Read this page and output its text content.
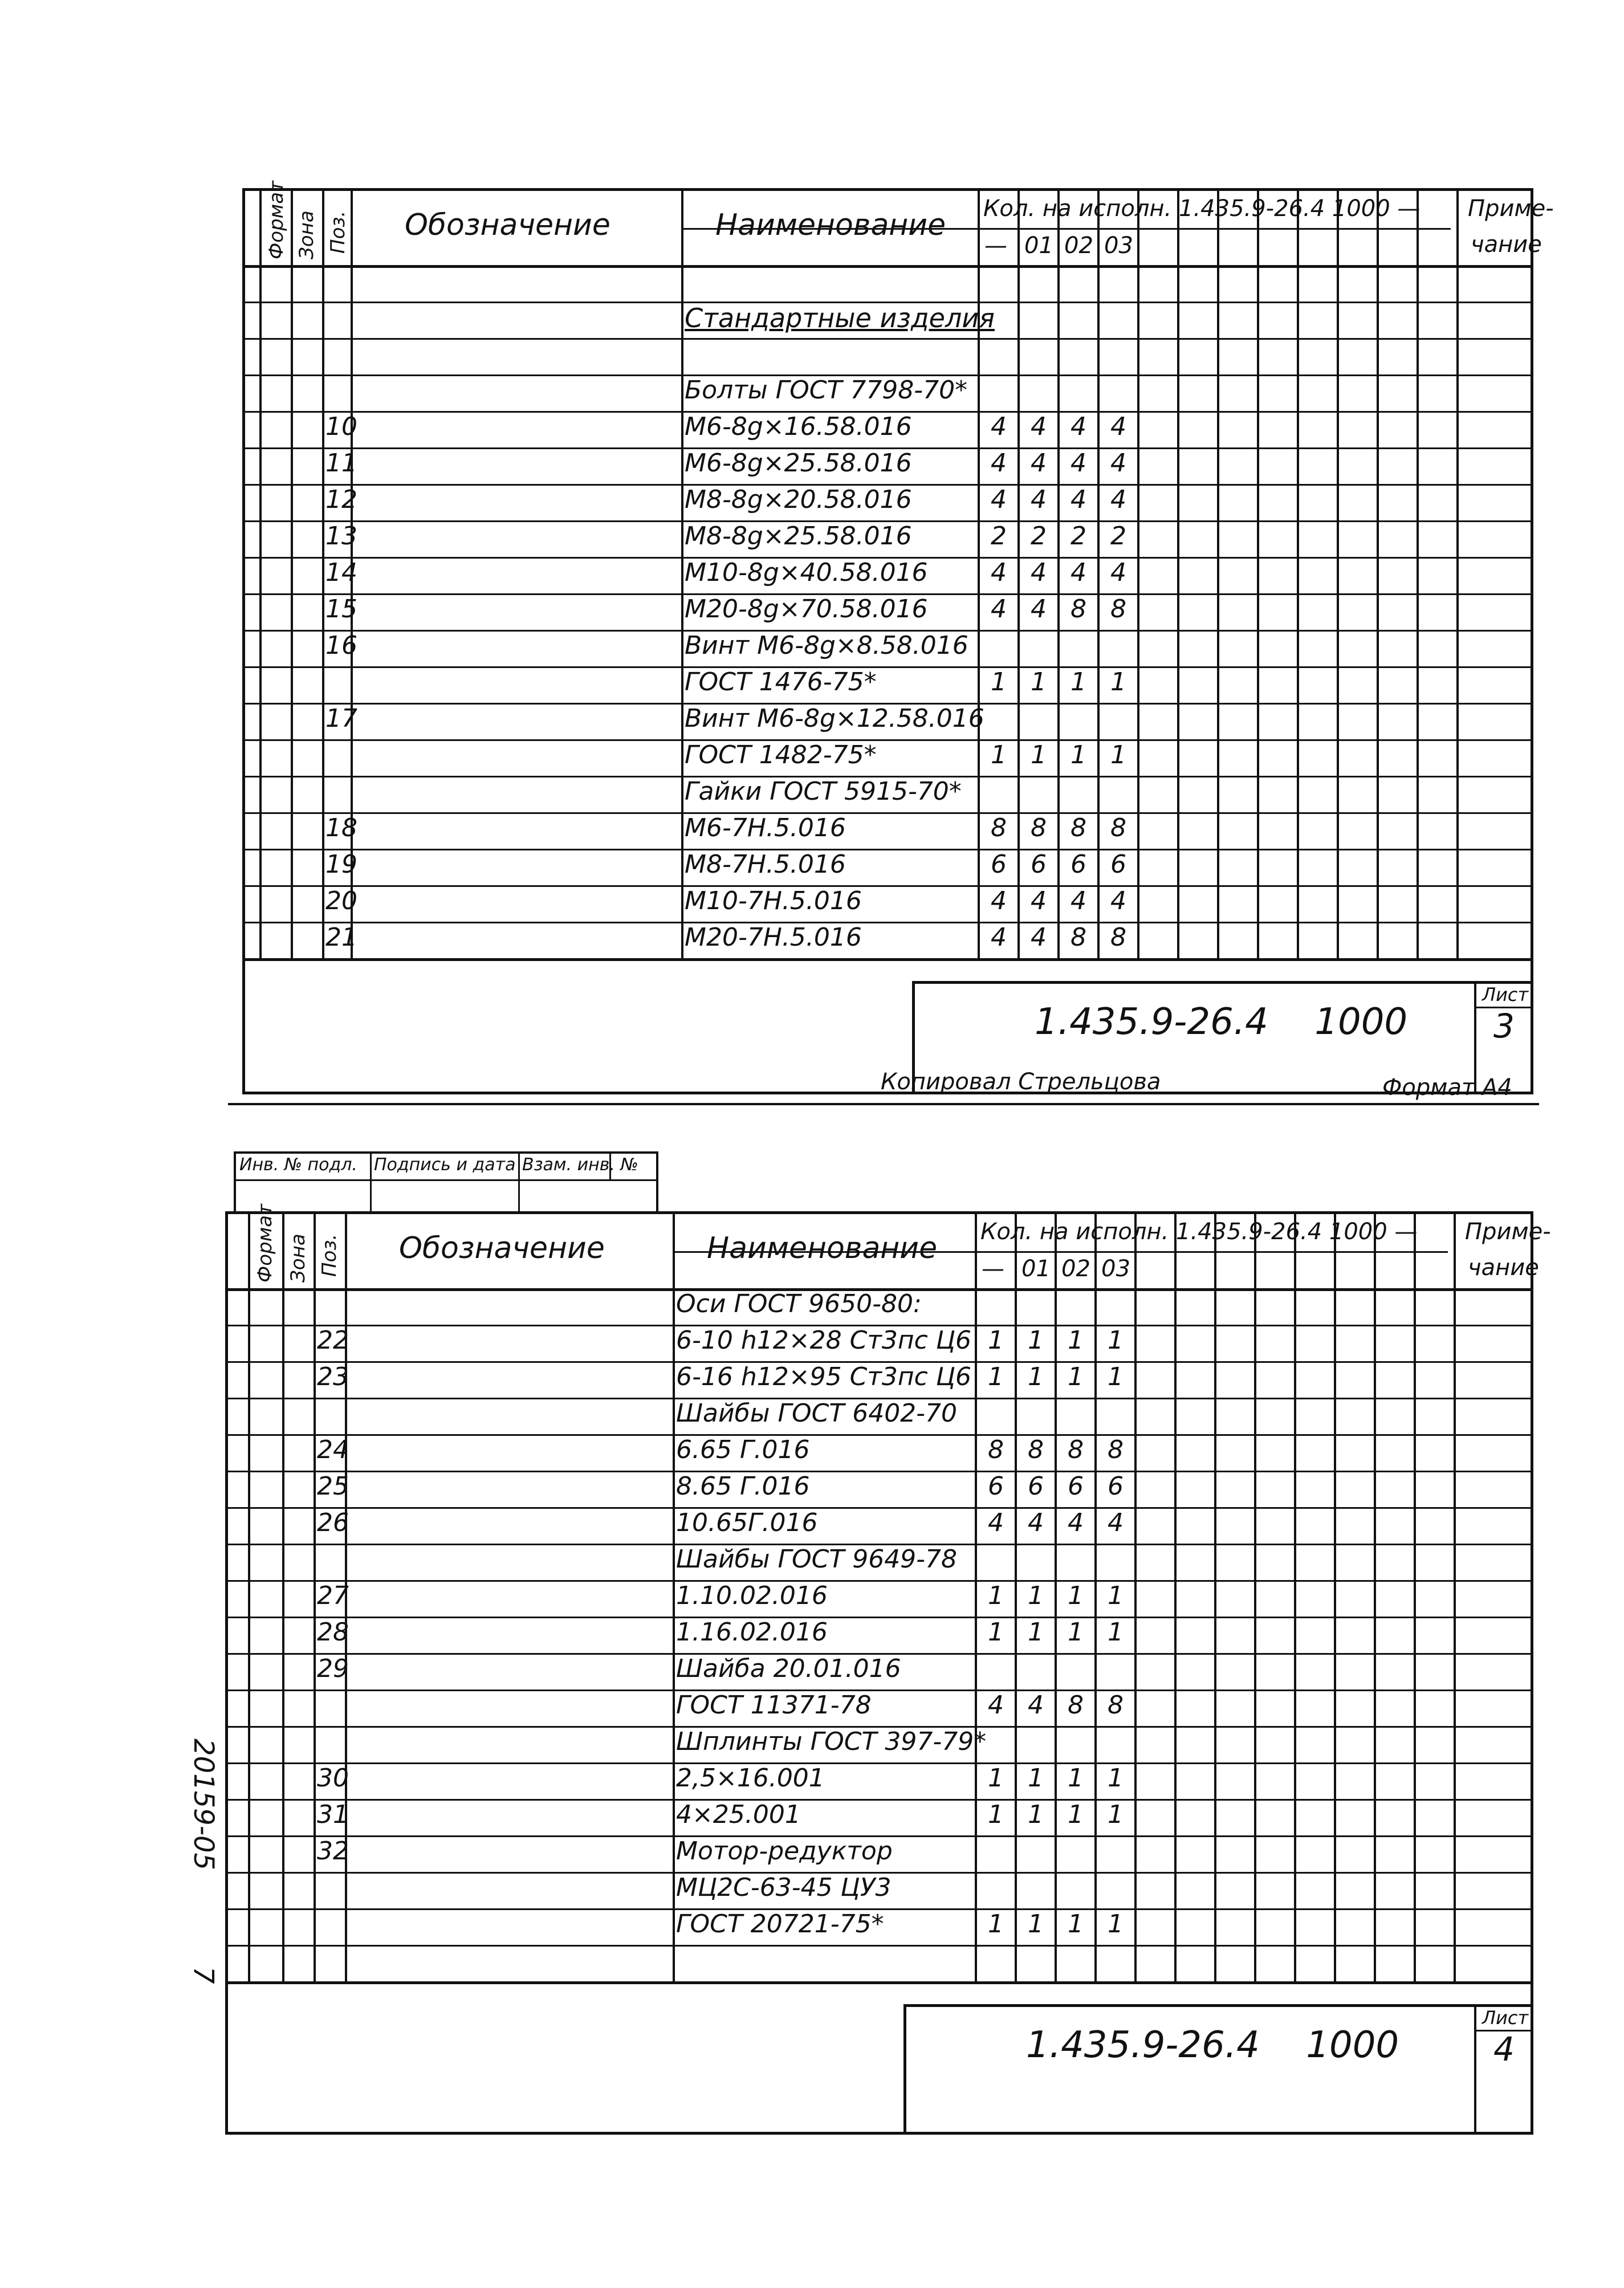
Формат Зона Поз. Обозначение	Наименование Кол. на исполн. 1.435.9-26.4 1000 — Приме-
чание
— 01 02 03
Стандартные изделия
Болты ГОСТ 7798-70*
10	М6-8g×16.58.016	4 4 4 4
11	М6-8g×25.58.016	4 4 4 4
12	М8-8g×20.58.016	4 4 4 4
13	М8-8g×25.58.016	2 2 2 2
14	М10-8g×40.58.016	4 4 4 4
15	М20-8g×70.58.016	4 4 8 8
16	Винт М6-8g×8.58.016
ГОСТ 1476-75*	1 1 1 1
17	Винт М6-8g×12.58.016
ГОСТ 1482-75*	1 1 1 1
Гайки ГОСТ 5915-70*
18	М6-7Н.5.016	8 8 8 8
19	М8-7Н.5.016	6 6 6 6
20	М10-7Н.5.016	4 4 4 4
21	М20-7Н.5.016	4 4 8 8
Лист
3
1.435.9-26.4    1000
Копировал Стрельцова	Формат А4
Инв. № подл. Подпись и дата Взам. инв. №
Формат Зона Поз. Обозначение	Наименование Кол. на исполн. 1.435.9-26.4 1000 — Приме-
чание
— 01 02 03
Оси ГОСТ 9650-80:
22	6-10 h12×28 Ст3пс Ц6 1 1 1 1
23	6-16 h12×95 Ст3пс Ц6 1 1 1 1
Шайбы ГОСТ 6402-70
24	6.65 Г.016	8 8 8 8
25	8.65 Г.016	6 6 6 6
26	10.65Г.016	4 4 4 4
Шайбы ГОСТ 9649-78
27	1.10.02.016	1 1 1 1
28	1.16.02.016	1 1 1 1
29	Шайба 20.01.016
ГОСТ 11371-78	4 4 8 8
Шплинты ГОСТ 397-79*
30	2,5×16.001	1 1 1 1
31	4×25.001	1 1 1 1
32	Мотор-редуктор
МЦ2С-63-45 ЦУ3
ГОСТ 20721-75*	1 1 1 1
Лист
4
1.435.9-26.4    1000
20159-05
7
